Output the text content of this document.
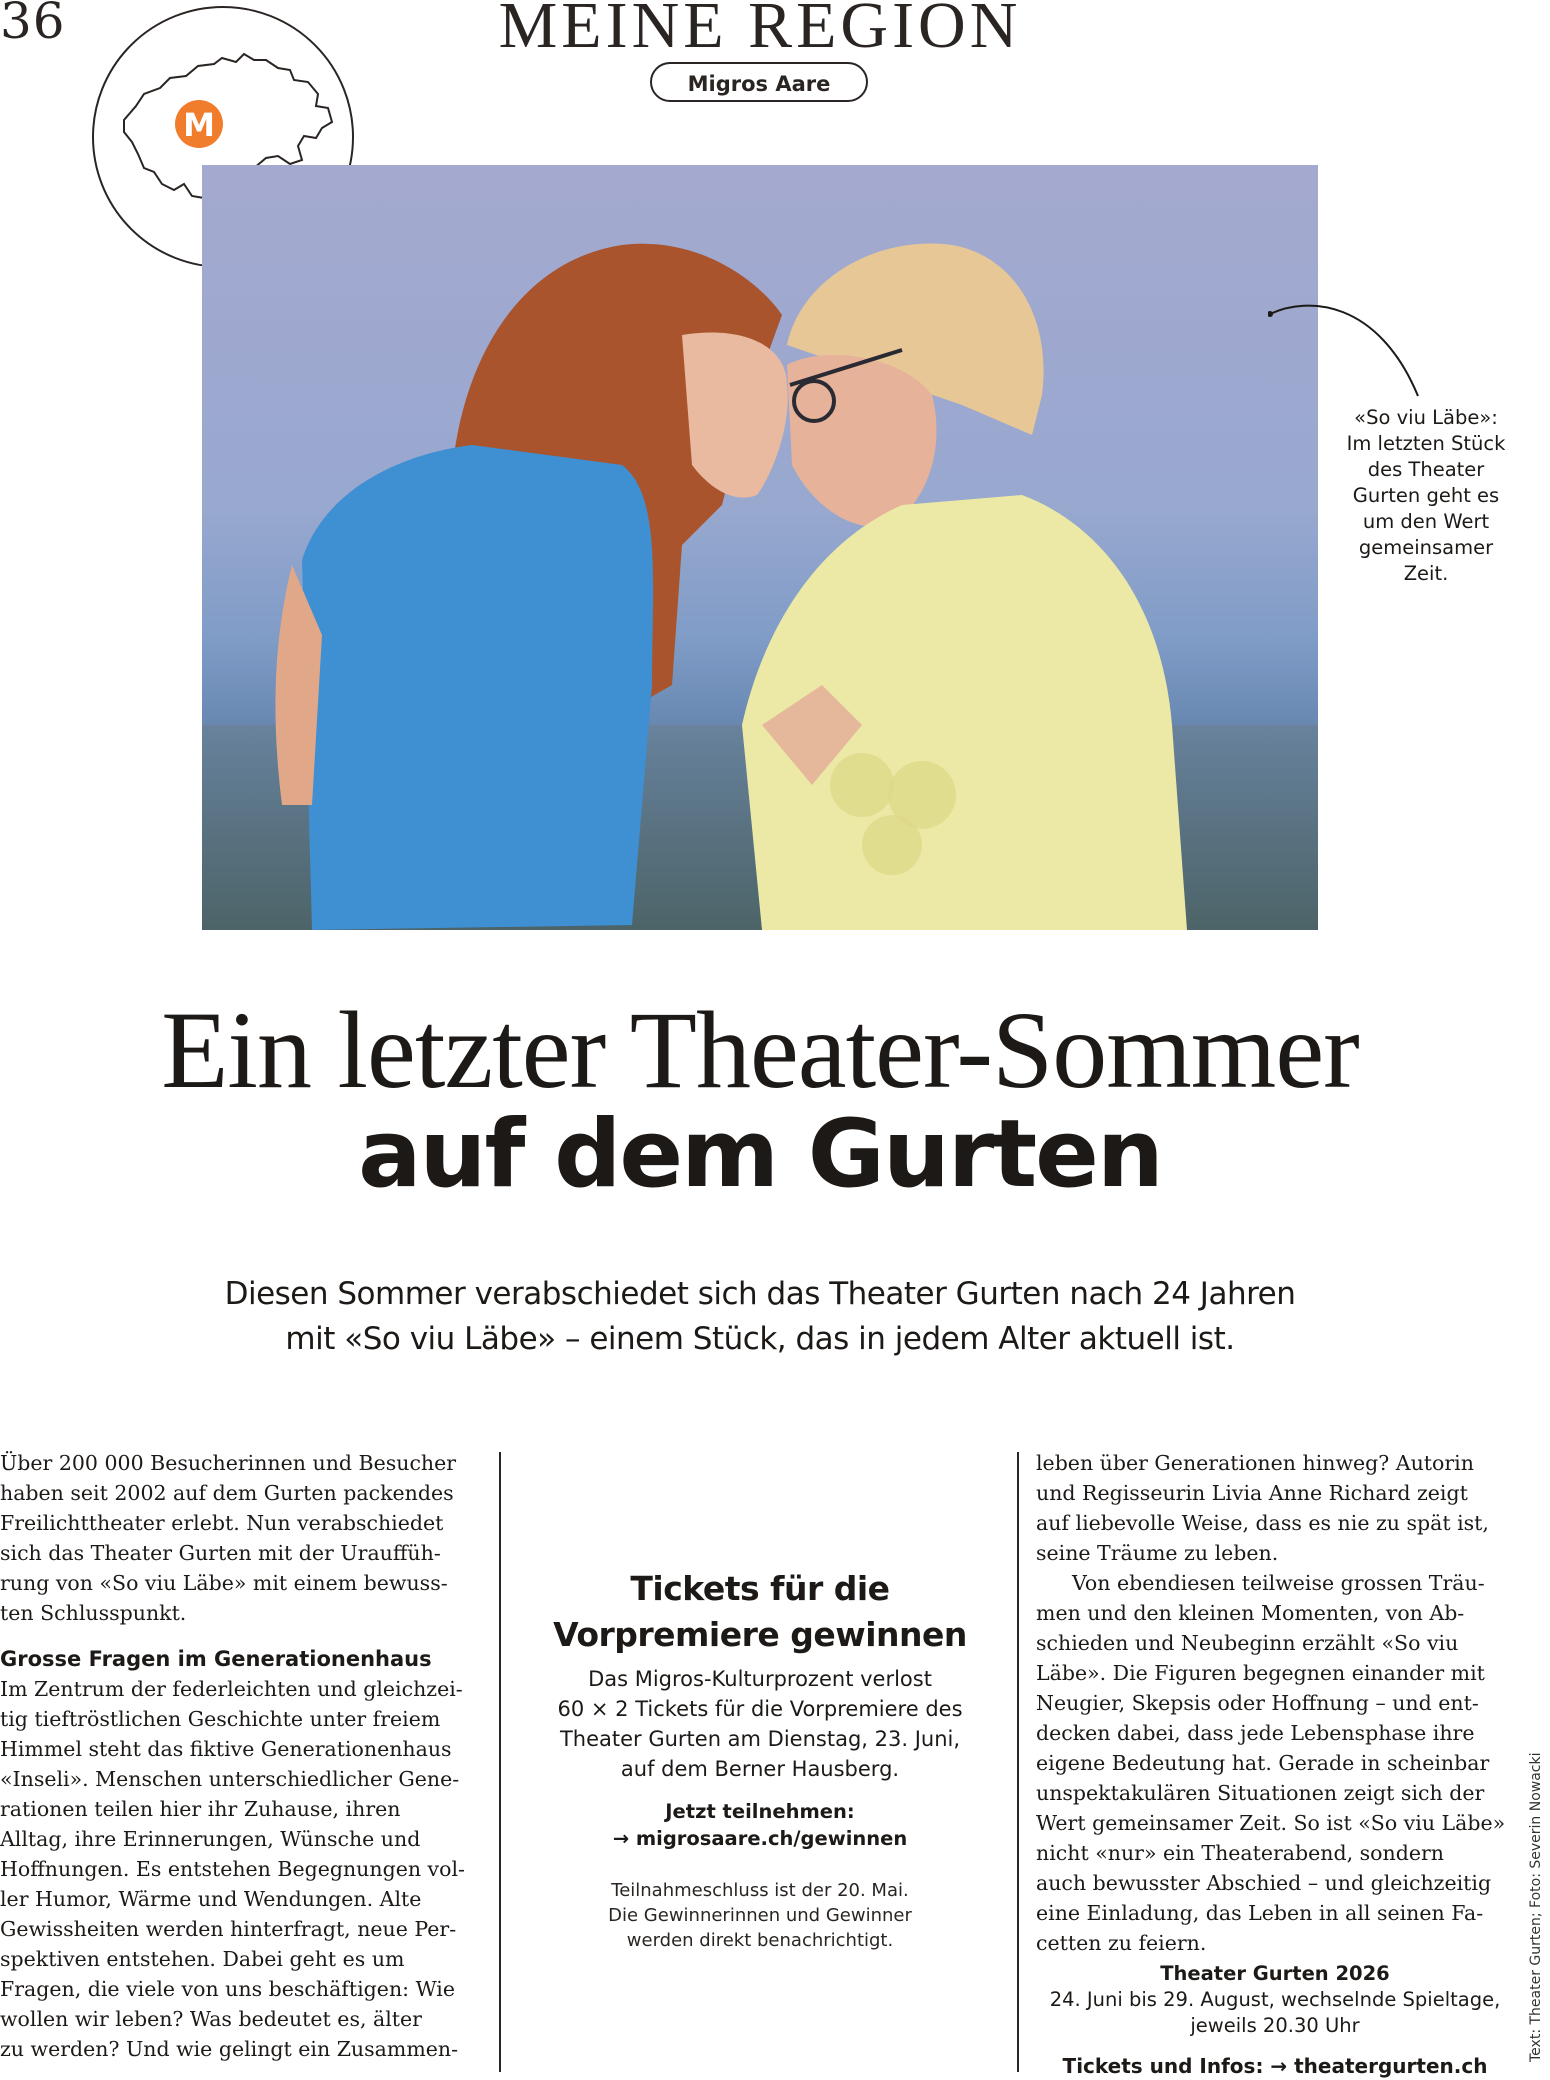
36	MEINE REGION
Migros Aare
M
«So viu Läbe»:
Im letzten Stück
des Theater
Gurten geht es
um den Wert
gemeinsamer
Zeit.
Ein letzter Theater-Sommer
auf dem Gurten
Diesen Sommer verabschiedet sich das Theater Gurten nach 24 Jahren
mit «So viu Läbe» – einem Stück, das in jedem Alter aktuell ist.

Über 200 000 Besucherinnen und Besucher

haben seit 2002 auf dem Gurten packendes

Freilichttheater erlebt. Nun verabschiedet

sich das Theater Gurten mit der Urauffüh-

rung von «So viu Läbe» mit einem bewuss-

ten Schlusspunkt.

Grosse Fragen im Generationenhaus

Im Zentrum der federleichten und gleichzei-

tig tieftröstlichen Geschichte unter freiem

Himmel steht das fiktive Generationenhaus

«Inseli». Menschen unterschiedlicher Gene-

rationen teilen hier ihr Zuhause, ihren

Alltag, ihre Erinnerungen, Wünsche und

Hoffnungen. Es entstehen Begegnungen vol-

ler Humor, Wärme und Wendungen. Alte

Gewissheiten werden hinterfragt, neue Per-

spektiven entstehen. Dabei geht es um

Fragen, die viele von uns beschäftigen: Wie

wollen wir leben? Was bedeutet es, älter

zu werden? Und wie gelingt ein Zusammen-

Tickets für die
Vorpremiere gewinnen
Das Migros-Kulturprozent verlost
60 × 2 Tickets für die Vorpremiere des
Theater Gurten am Dienstag, 23. Juni,
auf dem Berner Hausberg.
Jetzt teilnehmen:
→ migrosaare.ch/gewinnen
Teilnahmeschluss ist der 20. Mai.
Die Gewinnerinnen und Gewinner
werden direkt benachrichtigt.

leben über Generationen hinweg? Autorin

und Regisseurin Livia Anne Richard zeigt

auf liebevolle Weise, dass es nie zu spät ist,

seine Träume zu leben.

Von ebendiesen teilweise grossen Träu-

men und den kleinen Momenten, von Ab-

schieden und Neubeginn erzählt «So viu

Läbe». Die Figuren begegnen einander mit

Neugier, Skepsis oder Hoffnung – und ent-

decken dabei, dass jede Lebensphase ihre

eigene Bedeutung hat. Gerade in scheinbar

unspektakulären Situationen zeigt sich der

Wert gemeinsamer Zeit. So ist «So viu Läbe»

nicht «nur» ein Theaterabend, sondern

auch bewusster Abschied – und gleichzeitig

eine Einladung, das Leben in all seinen Fa-

cetten zu feiern.

Theater Gurten 2026
24. Juni bis 29. August, wechselnde Spieltage,
jeweils 20.30 Uhr
Tickets und Infos: → theatergurten.ch
Text: Theater Gurten; Foto: Severin Nowacki
